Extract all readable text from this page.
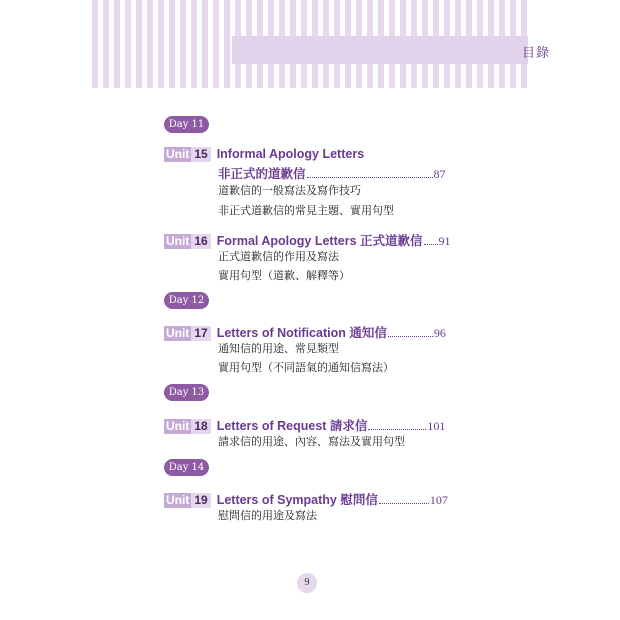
目錄
Day 11
Unit 15 Informal Apology Letters
非正式的道歉信	87
道歉信的一般寫法及寫作技巧
非正式道歉信的常見主題、實用句型
Unit 16 Formal Apology Letters 正式道歉信 91
正式道歉信的作用及寫法
實用句型（道歉、解釋等）
Day 12
Unit 17 Letters of Notification 通知信	96
通知信的用途、常見類型
實用句型（不同語氣的通知信寫法）
Day 13
Unit 18 Letters of Request 請求信	101
請求信的用途、內容、寫法及實用句型
Day 14
Unit 19 Letters of Sympathy 慰問信	107
慰問信的用途及寫法
9
